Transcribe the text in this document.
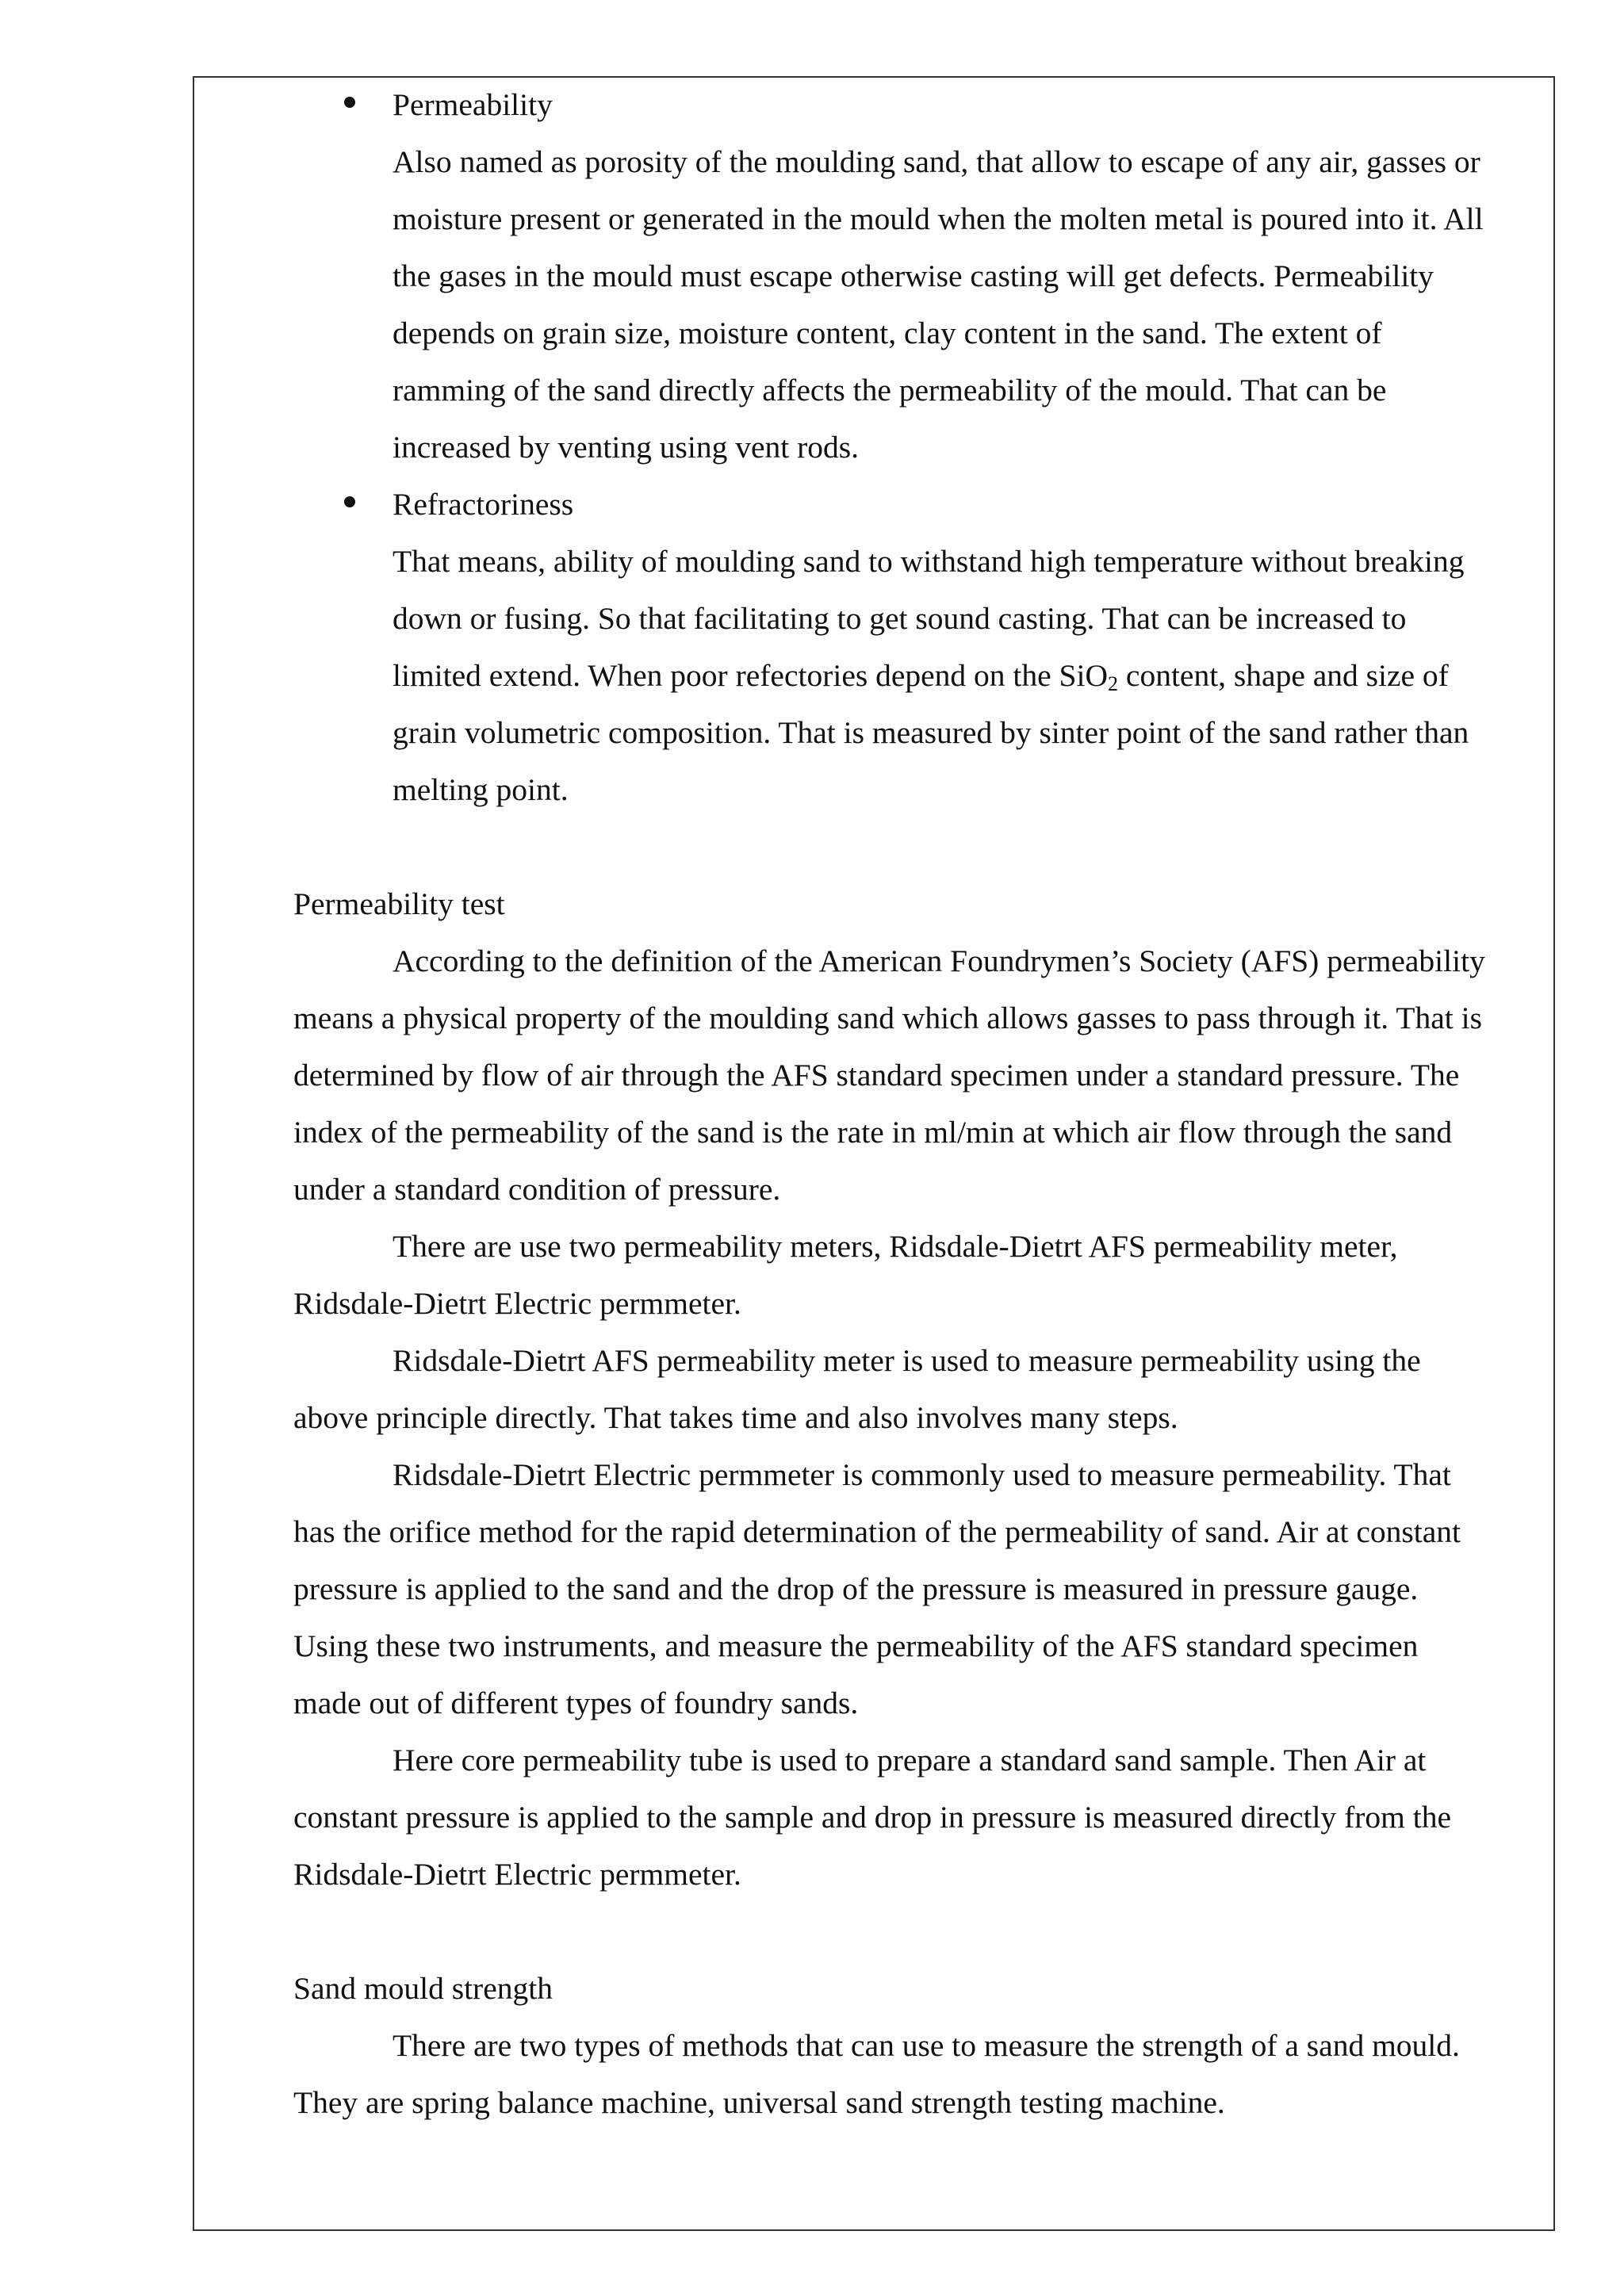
Permeability

Also named as porosity of the moulding sand, that allow to escape of any air, gasses or

moisture present or generated in the mould when the molten metal is poured into it. All

the gases in the mould must escape otherwise casting will get defects. Permeability

depends on grain size, moisture content, clay content in the sand. The extent of

ramming of the sand directly affects the permeability of the mould. That can be

increased by venting using vent rods.

Refractoriness

That means, ability of moulding sand to withstand high temperature without breaking

down or fusing. So that facilitating to get sound casting. That can be increased to

limited extend. When poor refectories depend on the SiO$_2$ content, shape and size of

grain volumetric composition. That is measured by sinter point of the sand rather than

melting point.

Permeability test

According to the definition of the American Foundrymen’s Society (AFS) permeability

means a physical property of the moulding sand which allows gasses to pass through it. That is

determined by flow of air through the AFS standard specimen under a standard pressure. The

index of the permeability of the sand is the rate in ml/min at which air flow through the sand

under a standard condition of pressure.

There are use two permeability meters, Ridsdale-Dietrt AFS permeability meter,

Ridsdale-Dietrt Electric permmeter.

Ridsdale-Dietrt AFS permeability meter is used to measure permeability using the

above principle directly. That takes time and also involves many steps.

Ridsdale-Dietrt Electric permmeter is commonly used to measure permeability. That

has the orifice method for the rapid determination of the permeability of sand. Air at constant

pressure is applied to the sand and the drop of the pressure is measured in pressure gauge.

Using these two instruments, and measure the permeability of the AFS standard specimen

made out of different types of foundry sands.

Here core permeability tube is used to prepare a standard sand sample. Then Air at

constant pressure is applied to the sample and drop in pressure is measured directly from the

Ridsdale-Dietrt Electric permmeter.

Sand mould strength

There are two types of methods that can use to measure the strength of a sand mould.

They are spring balance machine, universal sand strength testing machine.
